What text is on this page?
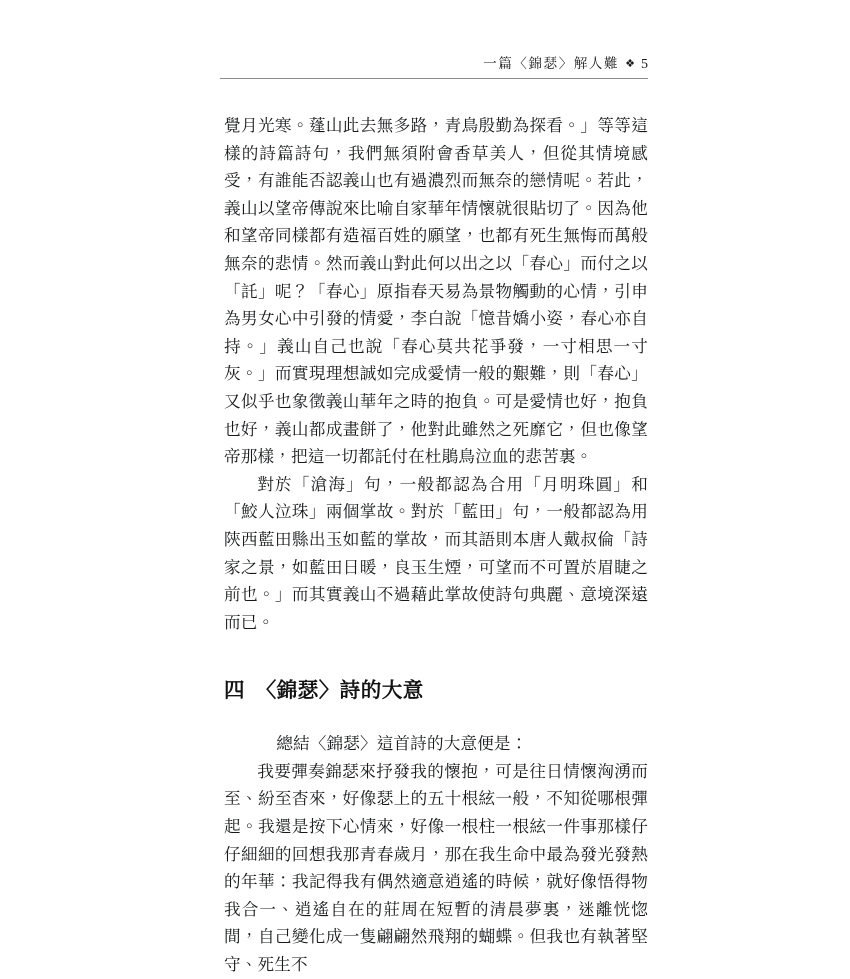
一篇〈錦瑟〉解人難 ❖ 5

覺月光寒。蓬山此去無多路，青鳥殷勤為探看。」等等這樣的詩篇詩句，我們無須附會香草美人，但從其情境感受，有誰能否認義山也有過濃烈而無奈的戀情呢。若此，義山以望帝傳說來比喻自家華年情懷就很貼切了。因為他和望帝同樣都有造福百姓的願望，也都有死生無悔而萬般無奈的悲情。然而義山對此何以出之以「春心」而付之以「託」呢？「春心」原指春天易為景物觸動的心情，引申為男女心中引發的情愛，李白說「憶昔嬌小姿，春心亦自持。」義山自己也說「春心莫共花爭發，一寸相思一寸灰。」而實現理想誠如完成愛情一般的艱難，則「春心」又似乎也象徵義山華年之時的抱負。可是愛情也好，抱負也好，義山都成畫餅了，他對此雖然之死靡它，但也像望帝那樣，把這一切都託付在杜鵑鳥泣血的悲苦裏。

對於「滄海」句，一般都認為合用「月明珠圓」和「鮫人泣珠」兩個掌故。對於「藍田」句，一般都認為用陝西藍田縣出玉如藍的掌故，而其語則本唐人戴叔倫「詩家之景，如藍田日暖，良玉生煙，可望而不可置於眉睫之前也。」而其實義山不過藉此掌故使詩句典麗、意境深遠而已。

四　〈錦瑟〉詩的大意

總結〈錦瑟〉這首詩的大意便是：

我要彈奏錦瑟來抒發我的懷抱，可是往日情懷洶湧而至、紛至杳來，好像瑟上的五十根絃一般，不知從哪根彈起。我還是按下心情來，好像一根柱一根絃一件事那樣仔仔細細的回想我那青春歲月，那在我生命中最為發光發熱的年華：我記得我有偶然適意逍遙的時候，就好像悟得物我合一、逍遙自在的莊周在短暫的清晨夢裏，迷離恍惚間，自己變化成一隻翩翩然飛翔的蝴蝶。但我也有執著堅守、死生不
